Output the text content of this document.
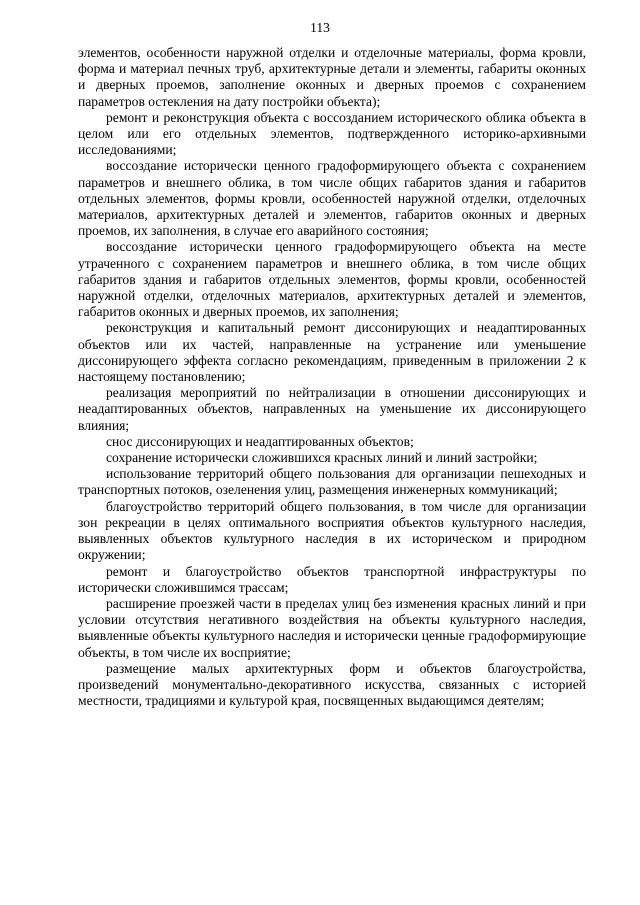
113

элементов, особенности наружной отделки и отделочные материалы, форма кровли, форма и материал печных труб, архитектурные детали и элементы, габариты оконных и дверных проемов, заполнение оконных и дверных проемов с сохранением параметров остекления на дату постройки объекта);

ремонт и реконструкция объекта с воссозданием исторического облика объекта в целом или его отдельных элементов, подтвержденного историко-архивными исследованиями;

воссоздание исторически ценного градоформирующего объекта с сохранением параметров и внешнего облика, в том числе общих габаритов здания и габаритов отдельных элементов, формы кровли, особенностей наружной отделки, отделочных материалов, архитектурных деталей и элементов, габаритов оконных и дверных проемов, их заполнения, в случае его аварийного состояния;

воссоздание исторически ценного градоформирующего объекта на месте утраченного с сохранением параметров и внешнего облика, в том числе общих габаритов здания и габаритов отдельных элементов, формы кровли, особенностей наружной отделки, отделочных материалов, архитектурных деталей и элементов, габаритов оконных и дверных проемов, их заполнения;

реконструкция и капитальный ремонт диссонирующих и неадаптированных объектов или их частей, направленные на устранение или уменьшение диссонирующего эффекта согласно рекомендациям, приведенным в приложении 2 к настоящему постановлению;

реализация мероприятий по нейтрализации в отношении диссонирующих и неадаптированных объектов, направленных на уменьшение их диссонирующего влияния;

снос диссонирующих и неадаптированных объектов;

сохранение исторически сложившихся красных линий и линий застройки;

использование территорий общего пользования для организации пешеходных и транспортных потоков, озеленения улиц, размещения инженерных коммуникаций;

благоустройство территорий общего пользования, в том числе для организации зон рекреации в целях оптимального восприятия объектов культурного наследия, выявленных объектов культурного наследия в их историческом и природном окружении;

ремонт и благоустройство объектов транспортной инфраструктуры по исторически сложившимся трассам;

расширение проезжей части в пределах улиц без изменения красных линий и при условии отсутствия негативного воздействия на объекты культурного наследия, выявленные объекты культурного наследия и исторически ценные градоформирующие объекты, в том числе их восприятие;

размещение малых архитектурных форм и объектов благоустройства, произведений монументально-декоративного искусства, связанных с историей местности, традициями и культурой края, посвященных выдающимся деятелям;
